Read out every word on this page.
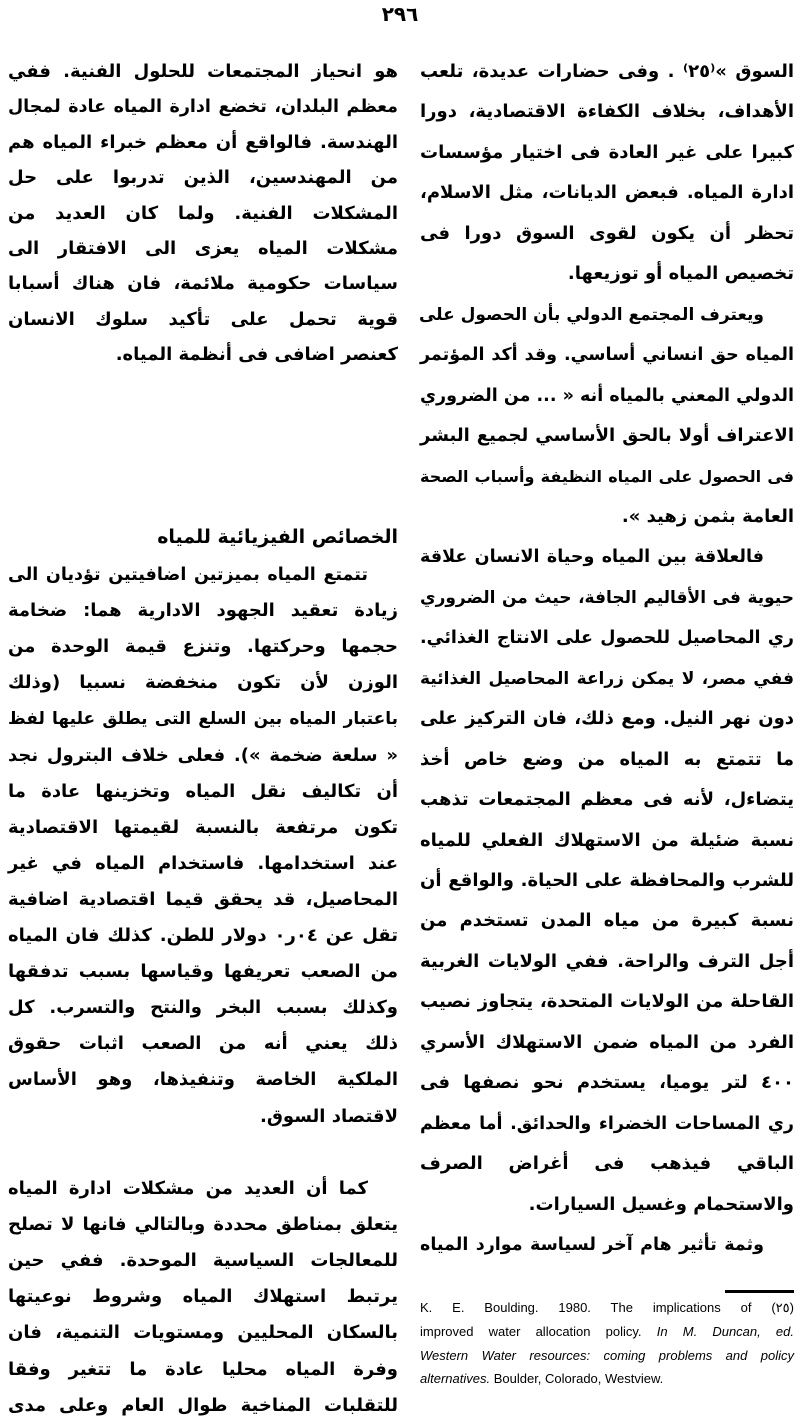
٢٩٦
هو انحياز المجتمعات للحلول الفنية. ففي
معظم البلدان، تخضع ادارة المياه عادة لمجال
الهندسة. فالواقع أن معظم خبراء المياه هم
من المهندسين، الذين تدربوا على حل
المشكلات الفنية. ولما كان العديد من
مشكلات المياه يعزى الى الافتقار الى
سياسات حكومية ملائمة، فان هناك أسبابا
قوية تحمل على تأكيد سلوك الانسان
كعنصر اضافى فى أنظمة المياه.
الخصائص الفيزيائية للمياه
تتمتع المياه بميزتين اضافيتين تؤديان الى
زيادة تعقيد الجهود الادارية هما: ضخامة
حجمها وحركتها. وتنزع قيمة الوحدة من
الوزن لأن تكون منخفضة نسبيا (وذلك
باعتبار المياه بين السلع التى يطلق عليها لفظ
« سلعة ضخمة »). فعلى خلاف البترول نجد
أن تكاليف نقل المياه وتخزينها عادة ما
تكون مرتفعة بالنسبة لقيمتها الاقتصادية
عند استخدامها. فاستخدام المياه في غير
المحاصيل، قد يحقق قيما اقتصادية اضافية
تقل عن ٠٤ر٠ دولار للطن. كذلك فان المياه
من الصعب تعريفها وقياسها بسبب تدفقها
وكذلك بسبب البخر والنتح والتسرب. كل
ذلك يعني أنه من الصعب اثبات حقوق
الملكية الخاصة وتنفيذها، وهو الأساس
لاقتصاد السوق.
كما أن العديد من مشكلات ادارة المياه
يتعلق بمناطق محددة وبالتالي فانها لا تصلح
للمعالجات السياسية الموحدة. ففي حين
يرتبط استهلاك المياه وشروط نوعيتها
بالسكان المحليين ومستويات التنمية، فان
وفرة المياه محليا عادة ما تتغير وفقا
للتقلبات المناخية طوال العام وعلى مدى
السوق »⁽٢٥⁾ . وفى حضارات عديدة، تلعب
الأهداف، بخلاف الكفاءة الاقتصادية، دورا
كبيرا على غير العادة فى اختيار مؤسسات
ادارة المياه. فبعض الديانات، مثل الاسلام،
تحظر أن يكون لقوى السوق دورا فى
تخصيص المياه أو توزيعها.
ويعترف المجتمع الدولي بأن الحصول على
المياه حق انساني أساسي. وقد أكد المؤتمر
الدولي المعني بالمياه أنه « ... من الضروري
الاعتراف أولا بالحق الأساسي لجميع البشر
فى الحصول على المياه النظيفة وأسباب الصحة
العامة بثمن زهيد ».
فالعلاقة بين المياه وحياة الانسان علاقة
حيوية فى الأقاليم الجافة، حيث من الضروري
ري المحاصيل للحصول على الانتاج الغذائي.
ففي مصر، لا يمكن زراعة المحاصيل الغذائية
دون نهر النيل. ومع ذلك، فان التركيز على
ما تتمتع به المياه من وضع خاص أخذ
يتضاءل، لأنه فى معظم المجتمعات تذهب
نسبة ضئيلة من الاستهلاك الفعلي للمياه
للشرب والمحافظة على الحياة. والواقع أن
نسبة كبيرة من مياه المدن تستخدم من
أجل الترف والراحة. ففي الولايات الغربية
القاحلة من الولايات المتحدة، يتجاوز نصيب
الفرد من المياه ضمن الاستهلاك الأسري
٤٠٠ لتر يوميا، يستخدم نحو نصفها فى
ري المساحات الخضراء والحدائق. أما معظم
الباقي فيذهب فى أغراض الصرف
والاستحمام وغسيل السيارات.
وثمة تأثير هام آخر لسياسة موارد المياه
K. E. Boulding. 1980. The implications of (٢٥)
improved water allocation policy. In M. Duncan, ed.
Western Water resources: coming problems and policy
alternatives. Boulder, Colorado, Westview.
